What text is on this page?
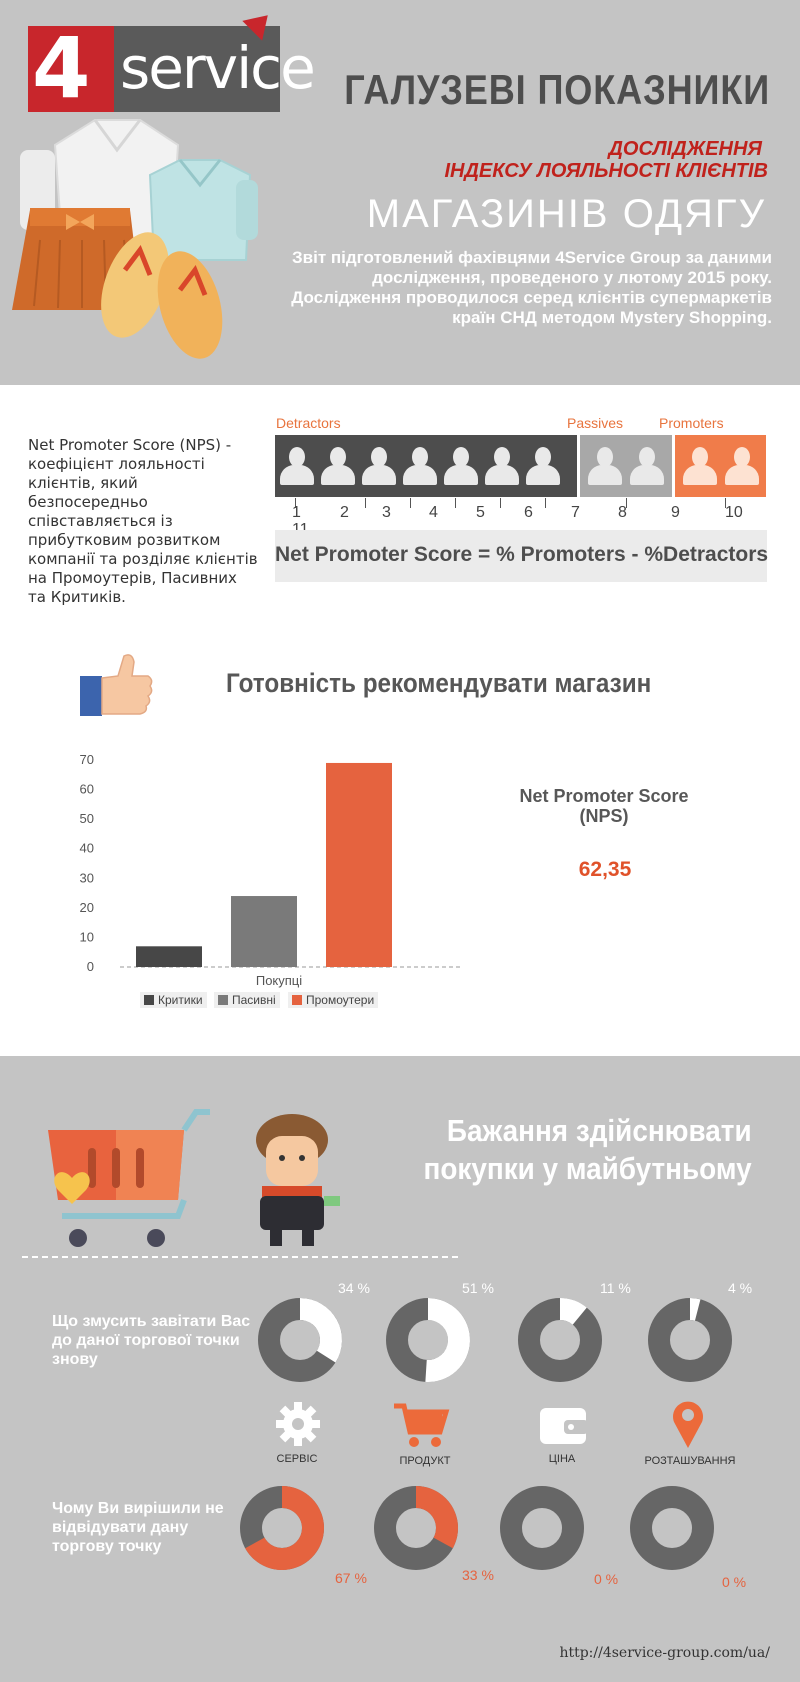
4 service ГАЛУЗЕВІ ПОКАЗНИКИ
ДОСЛІДЖЕННЯ
ІНДЕКСУ ЛОЯЛЬНОСТІ КЛІЄНТІВ
МАГАЗИНІВ ОДЯГУ
Звіт підготовлений фахівцями 4Service Group за даними дослідження, проведеного у лютому 2015 року. Дослідження проводилося серед клієнтів супермаркетів країн СНД методом Mystery Shopping.
Net Promoter Score (NPS) - коефіцієнт лояльності клієнтів, який безпосередньо співставляється із прибутковим розвитком компанії та розділяє клієнтів на Промоутерів, Пасивних та Критиків.
Detractors	Passives	Promoters
1 2 3 4 5 6 7 8	9	10
Net Promoter Score = % Promoters - %Detractors
Готовність рекомендувати магазин
0
10
20
30
40
50
60
70
Покупці
Критики	Пасивні	Промоутери
Net Promoter Score
(NPS)
62,35
Бажання здійснювати
покупки у майбутньому
Що змусить завітати Вас до даної торгової точки знову
Чому Ви вирішили не відвідувати дану торгову точку
34 %	51 %	11 %	4 %
СЕРВІС	ПРОДУКТ	ЦІНА	РОЗТАШУВАННЯ
67 %	33 %	0 %	0 %
http://4service-group.com/ua/
